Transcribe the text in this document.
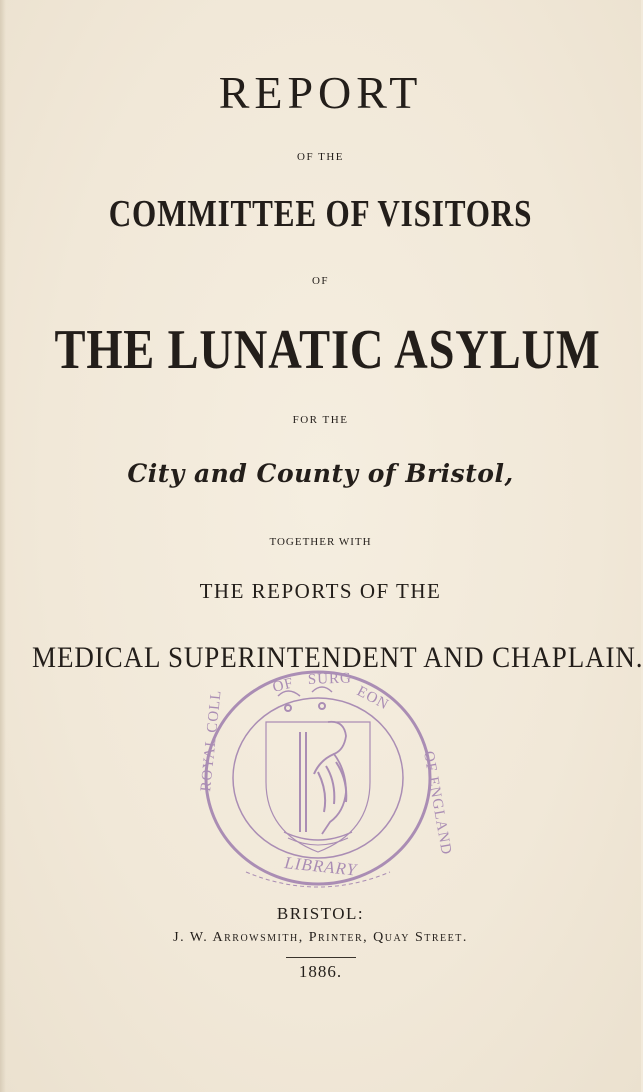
REPORT
OF THE
COMMITTEE OF VISITORS
OF
THE LUNATIC ASYLUM
FOR THE
City and County of Bristol,
TOGETHER WITH
THE REPORTS OF THE
MEDICAL SUPERINTENDENT AND CHAPLAIN.
OF SURG
EON
ROYAL COLL
OF ENGLAND
LIBRARY
BRISTOL:
J. W. Arrowsmith, Printer, Quay Street.
1886.
